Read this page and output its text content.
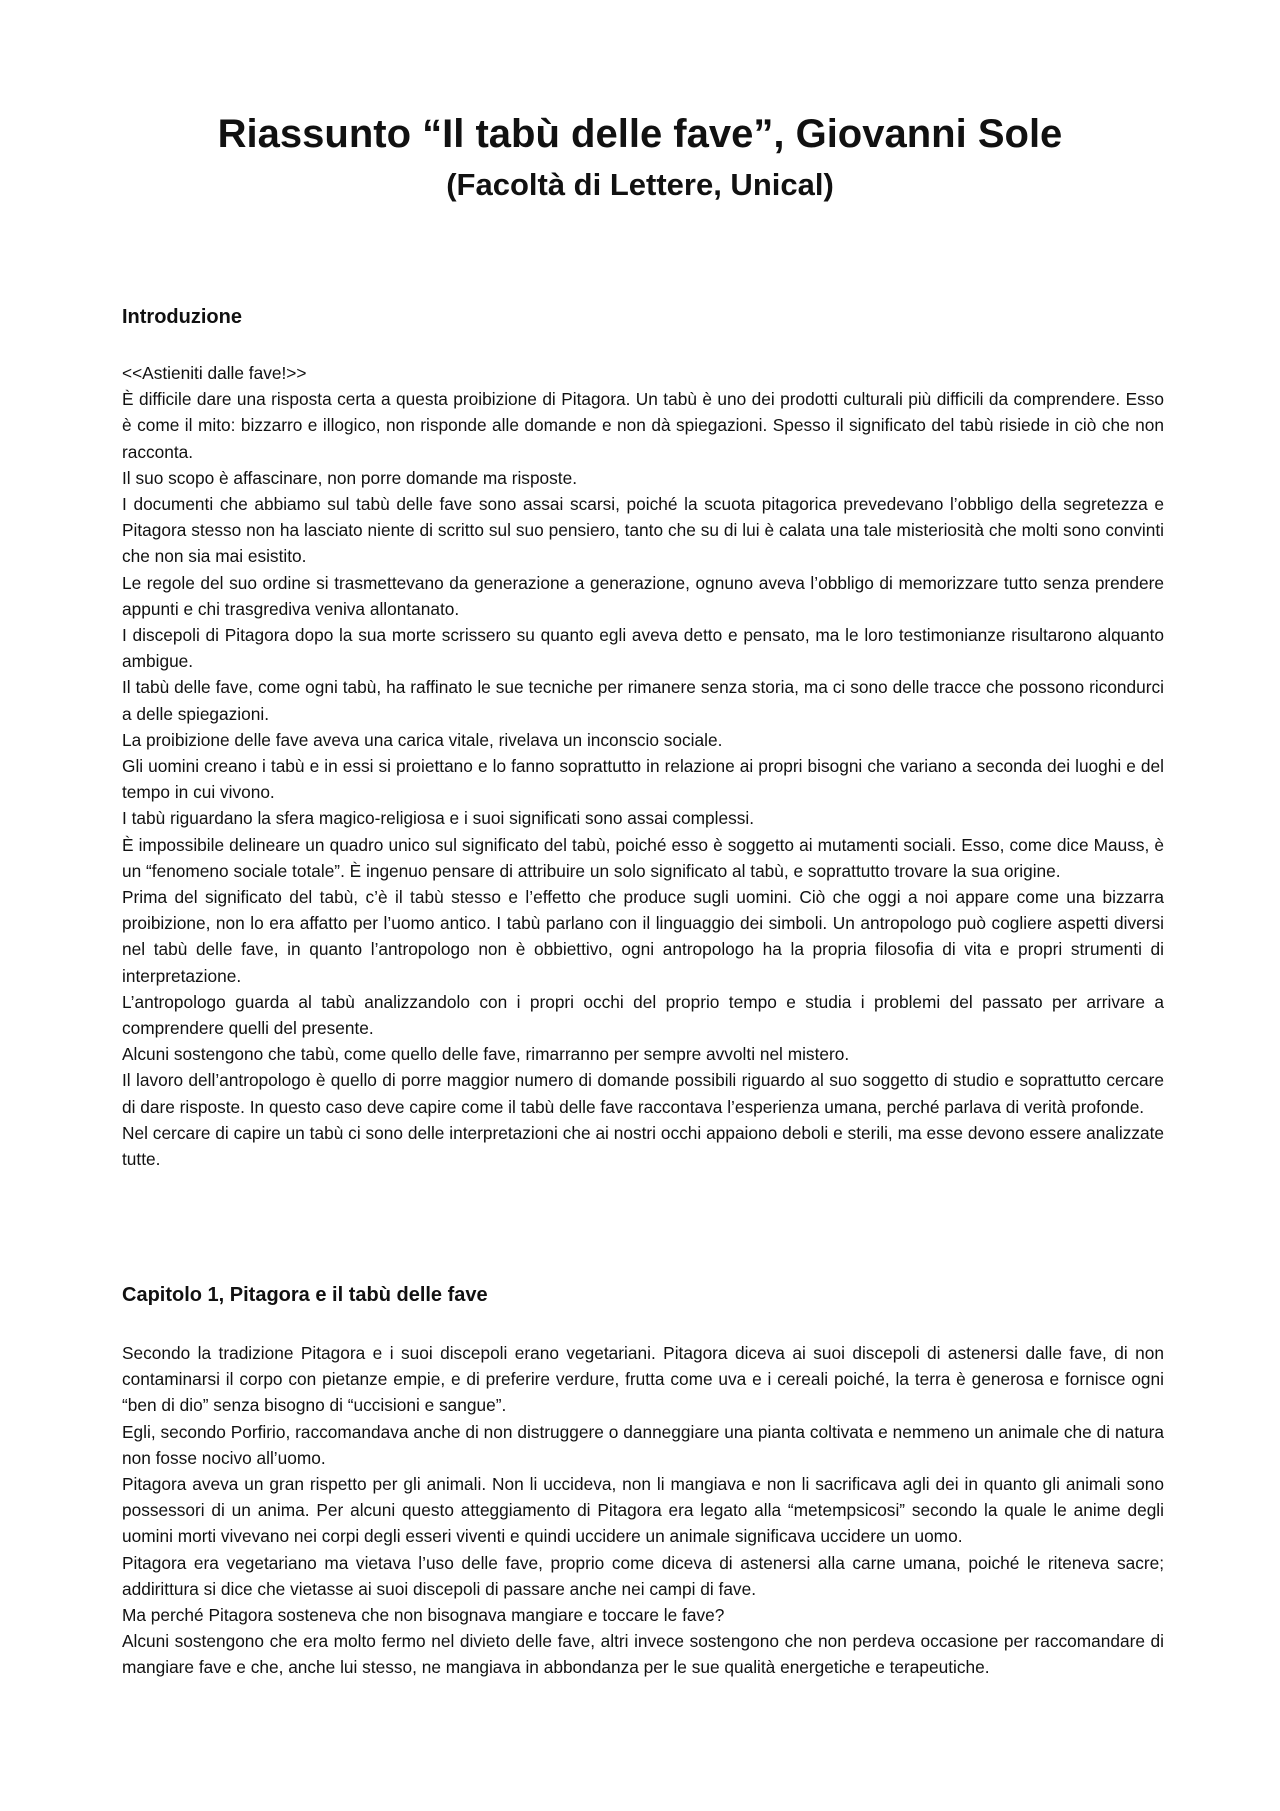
Riassunto “Il tabù delle fave”, Giovanni Sole
(Facoltà di Lettere, Unical)
Introduzione

<<Astieniti dalle fave!>>

È difficile dare una risposta certa a questa proibizione di Pitagora. Un tabù è uno dei prodotti culturali più difficili da comprendere. Esso è come il mito: bizzarro e illogico, non risponde alle domande e non dà spiegazioni. Spesso il significato del tabù risiede in ciò che non racconta.

Il suo scopo è affascinare, non porre domande ma risposte.

I documenti che abbiamo sul tabù delle fave sono assai scarsi, poiché la scuota pitagorica prevedevano l’obbligo della segretezza e Pitagora stesso non ha lasciato niente di scritto sul suo pensiero, tanto che su di lui è calata una tale misteriosità che molti sono convinti che non sia mai esistito.

Le regole del suo ordine si trasmettevano da generazione a generazione, ognuno aveva l’obbligo di memorizzare tutto senza prendere appunti e chi trasgrediva veniva allontanato.

I discepoli di Pitagora dopo la sua morte scrissero su quanto egli aveva detto e pensato, ma le loro testimonianze risultarono alquanto ambigue.

Il tabù delle fave, come ogni tabù, ha raffinato le sue tecniche per rimanere senza storia, ma ci sono delle tracce che possono ricondurci a delle spiegazioni.

La proibizione delle fave aveva una carica vitale, rivelava un inconscio sociale.

Gli uomini creano i tabù e in essi si proiettano e lo fanno soprattutto in relazione ai propri bisogni che variano a seconda dei luoghi e del tempo in cui vivono.

I tabù riguardano la sfera magico-religiosa e i suoi significati sono assai complessi.

È impossibile delineare un quadro unico sul significato del tabù, poiché esso è soggetto ai mutamenti sociali. Esso, come dice Mauss, è un “fenomeno sociale totale”. È ingenuo pensare di attribuire un solo significato al tabù, e soprattutto trovare la sua origine.

Prima del significato del tabù, c’è il tabù stesso e l’effetto che produce sugli uomini. Ciò che oggi a noi appare come una bizzarra proibizione, non lo era affatto per l’uomo antico. I tabù parlano con il linguaggio dei simboli. Un antropologo può cogliere aspetti diversi nel tabù delle fave, in quanto l’antropologo non è obbiettivo, ogni antropologo ha la propria filosofia di vita e propri strumenti di interpretazione.

L’antropologo guarda al tabù analizzandolo con i propri occhi del proprio tempo e studia i problemi del passato per arrivare a comprendere quelli del presente.

Alcuni sostengono che tabù, come quello delle fave, rimarranno per sempre avvolti nel mistero.

Il lavoro dell’antropologo è quello di porre maggior numero di domande possibili riguardo al suo soggetto di studio e soprattutto cercare di dare risposte. In questo caso deve capire come il tabù delle fave raccontava l’esperienza umana, perché parlava di verità profonde.

Nel cercare di capire un tabù ci sono delle interpretazioni che ai nostri occhi appaiono deboli e sterili, ma esse devono essere analizzate tutte.

Capitolo 1, Pitagora e il tabù delle fave

Secondo la tradizione Pitagora e i suoi discepoli erano vegetariani. Pitagora diceva ai suoi discepoli di astenersi dalle fave, di non contaminarsi il corpo con pietanze empie, e di preferire verdure, frutta come uva e i cereali poiché, la terra è generosa e fornisce ogni “ben di dio” senza bisogno di “uccisioni e sangue”.

Egli, secondo Porfirio, raccomandava anche di non distruggere o danneggiare una pianta coltivata e nemmeno un animale che di natura non fosse nocivo all’uomo.

Pitagora aveva un gran rispetto per gli animali. Non li uccideva, non li mangiava e non li sacrificava agli dei in quanto gli animali sono possessori di un anima. Per alcuni questo atteggiamento di Pitagora era legato alla “metempsicosi” secondo la quale le anime degli uomini morti vivevano nei corpi degli esseri viventi e quindi uccidere un animale significava uccidere un uomo.

Pitagora era vegetariano ma vietava l’uso delle fave, proprio come diceva di astenersi alla carne umana, poiché le riteneva sacre; addirittura si dice che vietasse ai suoi discepoli di passare anche nei campi di fave.

Ma perché Pitagora sosteneva che non bisognava mangiare e toccare le fave?

Alcuni sostengono che era molto fermo nel divieto delle fave, altri invece sostengono che non perdeva occasione per raccomandare di mangiare fave e che, anche lui stesso, ne mangiava in abbondanza per le sue qualità energetiche e terapeutiche.
